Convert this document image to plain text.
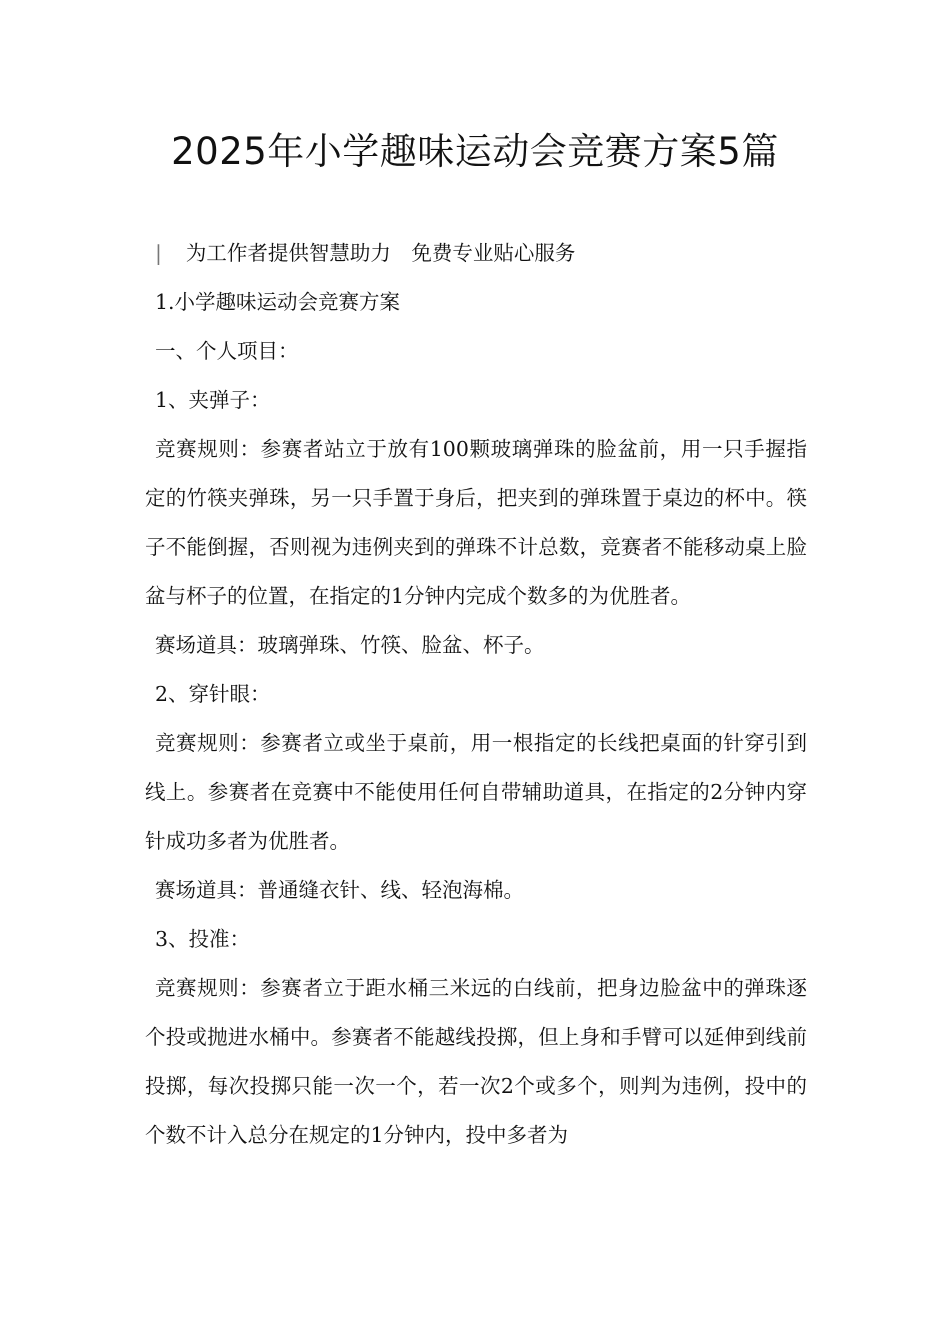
2025年小学趣味运动会竞赛方案5篇

| 为工作者提供智慧助力　免费专业贴心服务

1.小学趣味运动会竞赛方案

一、个人项目：

1、夹弹子：

竞赛规则：参赛者站立于放有100颗玻璃弹珠的脸盆前，用一只手握指定的竹筷夹弹珠，另一只手置于身后，把夹到的弹珠置于桌边的杯中。筷子不能倒握，否则视为违例夹到的弹珠不计总数，竞赛者不能移动桌上脸盆与杯子的位置，在指定的1分钟内完成个数多的为优胜者。

赛场道具：玻璃弹珠、竹筷、脸盆、杯子。

2、穿针眼：

竞赛规则：参赛者立或坐于桌前，用一根指定的长线把桌面的针穿引到线上。参赛者在竞赛中不能使用任何自带辅助道具，在指定的2分钟内穿针成功多者为优胜者。

赛场道具：普通缝衣针、线、轻泡海棉。

3、投准：

竞赛规则：参赛者立于距水桶三米远的白线前，把身边脸盆中的弹珠逐个投或抛进水桶中。参赛者不能越线投掷，但上身和手臂可以延伸到线前投掷，每次投掷只能一次一个，若一次2个或多个，则判为违例，投中的个数不计入总分在规定的1分钟内，投中多者为
